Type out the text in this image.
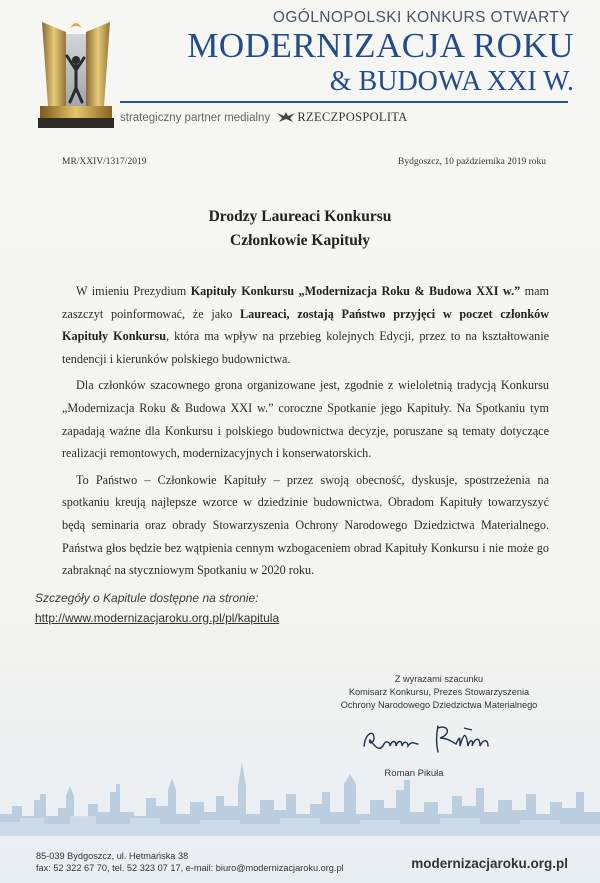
OGÓLNOPOLSKI KONKURS OTWARTY
MODERNIZACJA ROKU
& BUDOWA XXI W.
strategiczny partner medialny RZECZPOSPOLITA
MR/XXIV/1317/2019	Bydgoszcz, 10 października 2019 roku
Drodzy Laureaci Konkursu
Członkowie Kapituły

W imieniu Prezydium Kapituły Konkursu „Modernizacja Roku & Budowa XXI w.” mam zaszczyt poinformować, że jako Laureaci, zostają Państwo przyjęci w poczet członków Kapituły Konkursu, która ma wpływ na przebieg kolejnych Edycji, przez to na kształtowanie tendencji i kierunków polskiego budownictwa.

Dla członków szacownego grona organizowane jest, zgodnie z wieloletnią tradycją Konkursu „Modernizacja Roku & Budowa XXI w.” coroczne Spotkanie jego Kapituły. Na Spotkaniu tym zapadają ważne dla Konkursu i polskiego budownictwa decyzje, poruszane są tematy dotyczące realizacji remontowych, modernizacyjnych i konserwatorskich.

To Państwo – Członkowie Kapituły – przez swoją obecność, dyskusje, spostrzeżenia na spotkaniu kreują najlepsze wzorce w dziedzinie budownictwa. Obradom Kapituły towarzyszyć będą seminaria oraz obrady Stowarzyszenia Ochrony Narodowego Dziedzictwa Materialnego. Państwa głos będzie bez wątpienia cennym wzbogaceniem obrad Kapituły Konkursu i nie może go zabraknąć na styczniowym Spotkaniu w 2020 roku.

Szczegóły o Kapitule dostępne na stronie:
http://www.modernizacjaroku.org.pl/pl/kapitula
Z wyrazami szacunku
Komisarz Konkursu, Prezes Stowarzyszenia
Ochrony Narodowego Dziedzictwa Materialnego
Roman Pikuła
85-039 Bydgoszcz, ul. Hetmańska 38
fax: 52 322 67 70, tel. 52 323 07 17, e-mail: biuro@modernizacjaroku.org.pl	modernizacjaroku.org.pl
